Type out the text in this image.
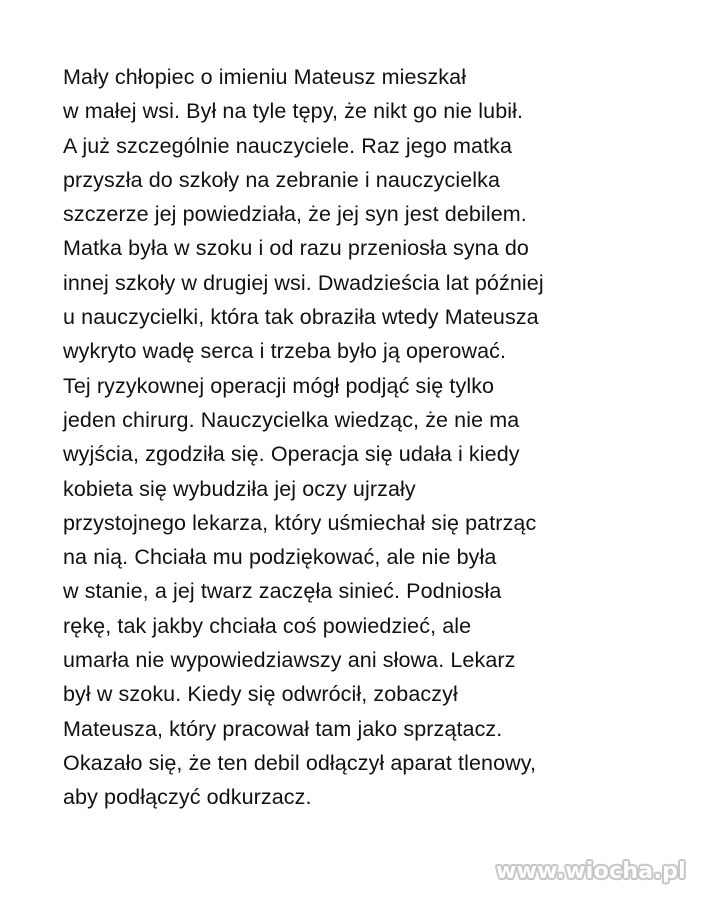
Mały chłopiec o imieniu Mateusz mieszkał
w małej wsi. Był na tyle tępy, że nikt go nie lubił.
A już szczególnie nauczyciele. Raz jego matka
przyszła do szkoły na zebranie i nauczycielka
szczerze jej powiedziała, że jej syn jest debilem.
Matka była w szoku i od razu przeniosła syna do
innej szkoły w drugiej wsi. Dwadzieścia lat później
u nauczycielki, która tak obraziła wtedy Mateusza
wykryto wadę serca i trzeba było ją operować.
Tej ryzykownej operacji mógł podjąć się tylko
jeden chirurg. Nauczycielka wiedząc, że nie ma
wyjścia, zgodziła się. Operacja się udała i kiedy
kobieta się wybudziła jej oczy ujrzały
przystojnego lekarza, który uśmiechał się patrząc
na nią. Chciała mu podziękować, ale nie była
w stanie, a jej twarz zaczęła sinieć. Podniosła
rękę, tak jakby chciała coś powiedzieć, ale
umarła nie wypowiedziawszy ani słowa. Lekarz
był w szoku. Kiedy się odwrócił, zobaczył
Mateusza, który pracował tam jako sprzątacz.
Okazało się, że ten debil odłączył aparat tlenowy,
aby podłączyć odkurzacz.
www.wiocha.pl
